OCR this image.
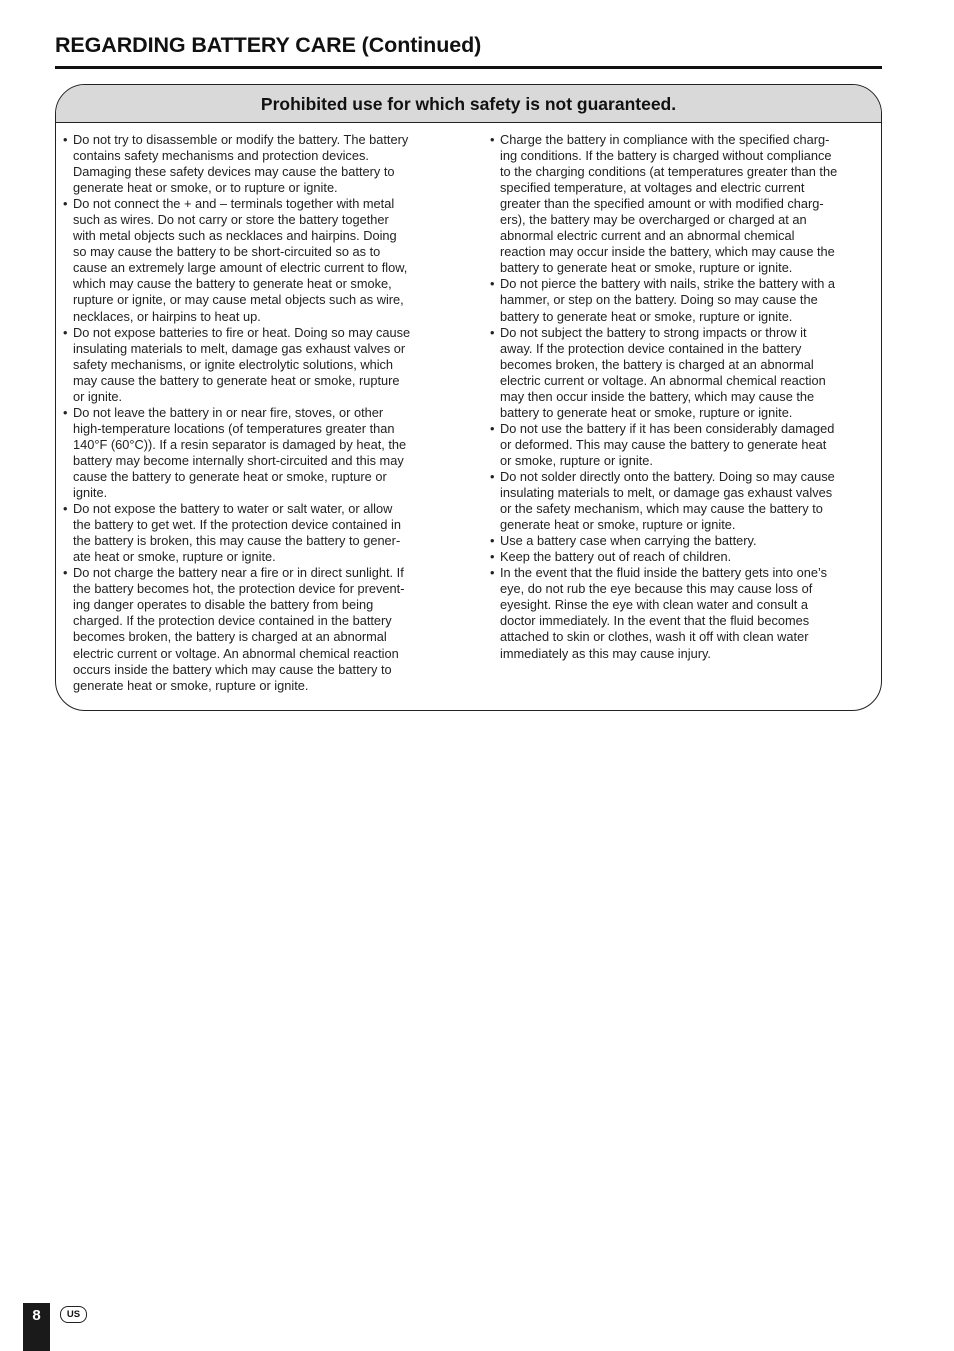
REGARDING BATTERY CARE (Continued)
Prohibited use for which safety is not guaranteed.
• Do not try to disassemble or modify the battery. The battery
contains safety mechanisms and protection devices.
Damaging these safety devices may cause the battery to
generate heat or smoke, or to rupture or ignite.
• Do not connect the + and – terminals together with metal
such as wires. Do not carry or store the battery together
with metal objects such as necklaces and hairpins. Doing
so may cause the battery to be short-circuited so as to
cause an extremely large amount of electric current to flow,
which may cause the battery to generate heat or smoke,
rupture or ignite, or may cause metal objects such as wire,
necklaces, or hairpins to heat up.
• Do not expose batteries to fire or heat. Doing so may cause
insulating materials to melt, damage gas exhaust valves or
safety mechanisms, or ignite electrolytic solutions, which
may cause the battery to generate heat or smoke, rupture
or ignite.
• Do not leave the battery in or near fire, stoves, or other
high-temperature locations (of temperatures greater than
140°F (60°C)). If a resin separator is damaged by heat, the
battery may become internally short-circuited and this may
cause the battery to generate heat or smoke, rupture or
ignite.
• Do not expose the battery to water or salt water, or allow
the battery to get wet. If the protection device contained in
the battery is broken, this may cause the battery to gener-
ate heat or smoke, rupture or ignite.
• Do not charge the battery near a fire or in direct sunlight. If
the battery becomes hot, the protection device for prevent-
ing danger operates to disable the battery from being
charged. If the protection device contained in the battery
becomes broken, the battery is charged at an abnormal
electric current or voltage. An abnormal chemical reaction
occurs inside the battery which may cause the battery to
generate heat or smoke, rupture or ignite.
• Charge the battery in compliance with the specified charg-
ing conditions. If the battery is charged without compliance
to the charging conditions (at temperatures greater than the
specified temperature, at voltages and electric current
greater than the specified amount or with modified charg-
ers), the battery may be overcharged or charged at an
abnormal electric current and an abnormal chemical
reaction may occur inside the battery, which may cause the
battery to generate heat or smoke, rupture or ignite.
• Do not pierce the battery with nails, strike the battery with a
hammer, or step on the battery. Doing so may cause the
battery to generate heat or smoke, rupture or ignite.
• Do not subject the battery to strong impacts or throw it
away. If the protection device contained in the battery
becomes broken, the battery is charged at an abnormal
electric current or voltage. An abnormal chemical reaction
may then occur inside the battery, which may cause the
battery to generate heat or smoke, rupture or ignite.
• Do not use the battery if it has been considerably damaged
or deformed. This may cause the battery to generate heat
or smoke, rupture or ignite.
• Do not solder directly onto the battery. Doing so may cause
insulating materials to melt, or damage gas exhaust valves
or the safety mechanism, which may cause the battery to
generate heat or smoke, rupture or ignite.
• Use a battery case when carrying the battery.
• Keep the battery out of reach of children.
• In the event that the fluid inside the battery gets into one’s
eye, do not rub the eye because this may cause loss of
eyesight. Rinse the eye with clean water and consult a
doctor immediately. In the event that the fluid becomes
attached to skin or clothes, wash it off with clean water
immediately as this may cause injury.
8	US
